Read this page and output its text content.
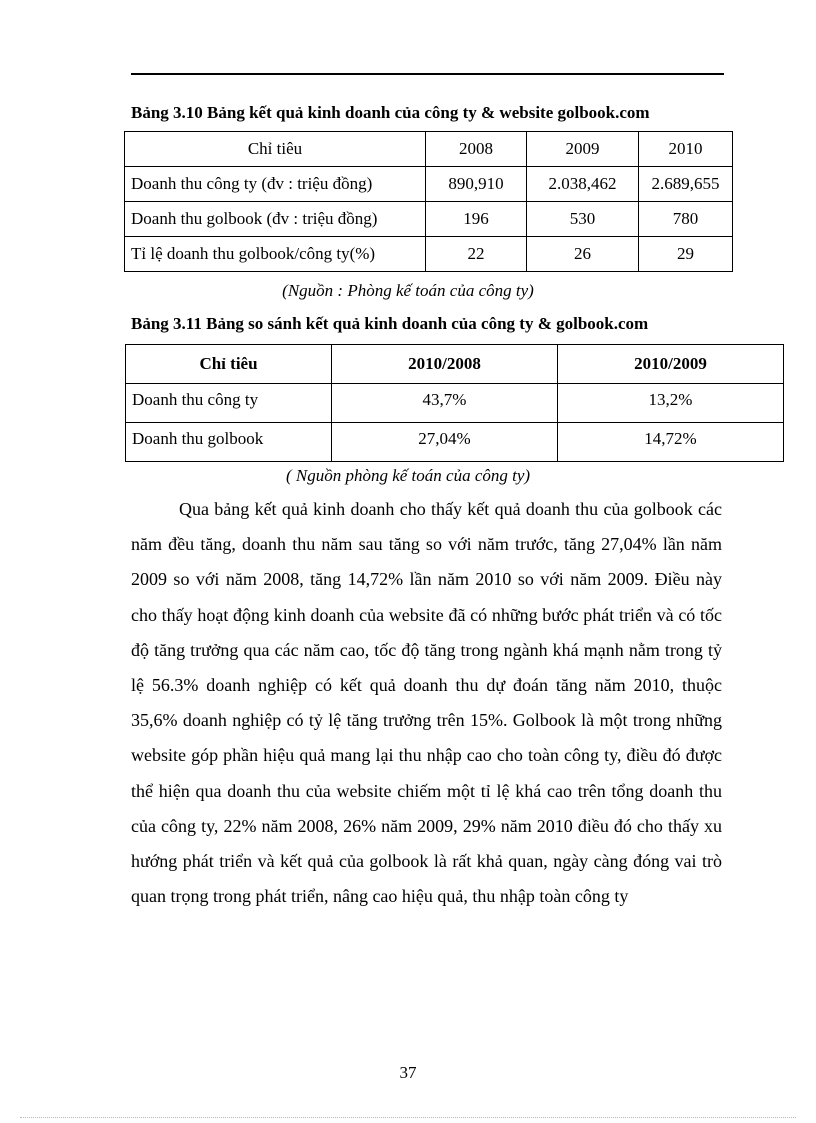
Bảng 3.10 Bảng kết quả kinh doanh của công ty & website golbook.com
Chỉ tiêu	2008	2009	2010
Doanh thu công ty (đv : triệu đồng)	890,910	2.038,462	2.689,655
Doanh thu golbook (đv : triệu đồng)	196	530	780
Tỉ lệ doanh thu golbook/công ty(%)	22	26	29
(Nguồn : Phòng kế toán của công ty)
Bảng 3.11 Bảng so sánh kết quả kinh doanh của công ty & golbook.com
Chỉ tiêu	2010/2008	2010/2009
Doanh thu công ty	43,7%	13,2%
Doanh thu golbook	27,04%	14,72%
( Nguồn phòng kế toán của công ty)

Qua bảng kết quả kinh doanh cho thấy kết quả doanh thu của golbook các năm đều tăng, doanh thu năm sau tăng so với năm trước, tăng 27,04% lần năm 2009 so với năm 2008, tăng 14,72% lần năm 2010 so với năm 2009. Điều này cho thấy hoạt động kinh doanh của website đã có những bước phát triển và có tốc độ tăng trưởng qua các năm cao, tốc độ tăng trong ngành khá mạnh nằm trong tỷ lệ 56.3% doanh nghiệp có kết quả doanh thu dự đoán tăng năm 2010, thuộc 35,6% doanh nghiệp có tỷ lệ tăng trưởng trên 15%. Golbook là một trong những website góp phần hiệu quả mang lại thu nhập cao cho toàn công ty, điều đó được thể hiện qua doanh thu của website chiếm một tỉ lệ khá cao trên tổng doanh thu của công ty, 22% năm 2008, 26% năm 2009, 29% năm 2010 điều đó cho thấy xu hướng phát triển và kết quả của golbook là rất khả quan, ngày càng đóng vai trò quan trọng trong phát triển, nâng cao hiệu quả, thu nhập toàn công ty

37
